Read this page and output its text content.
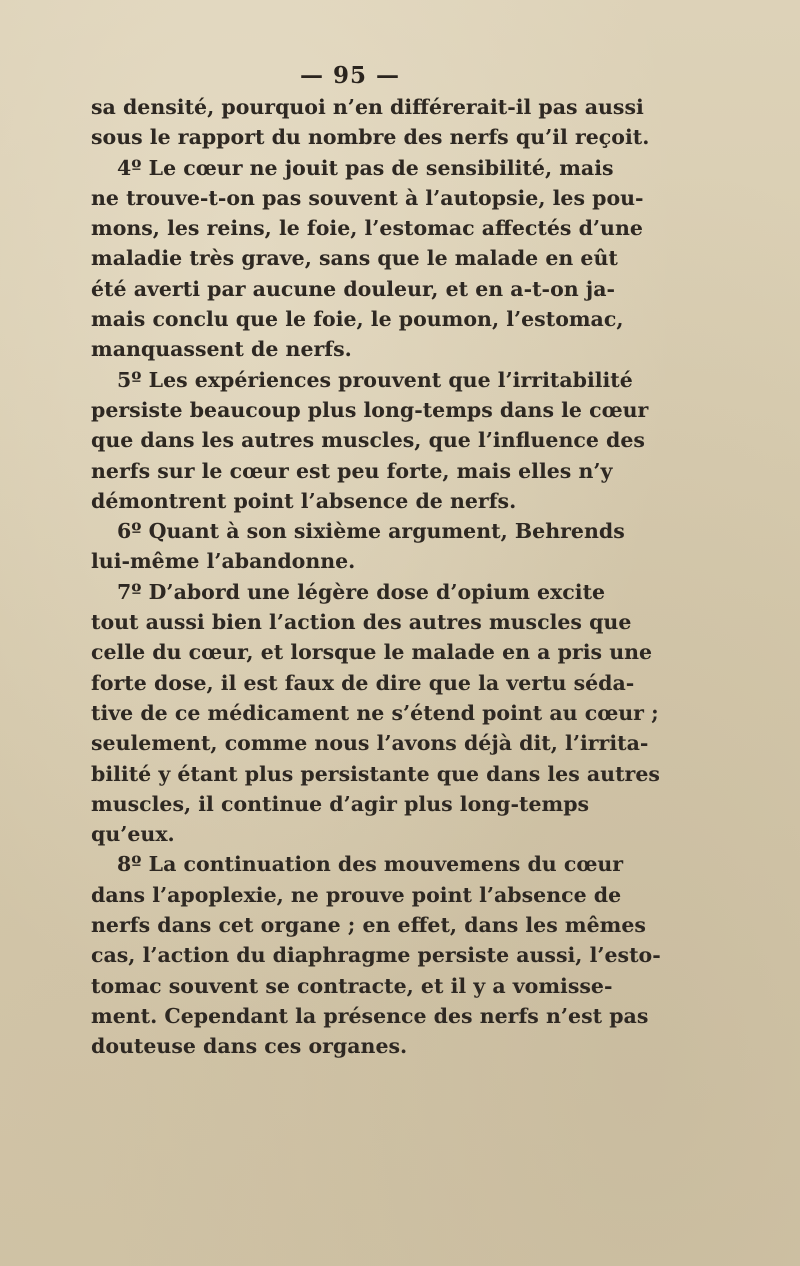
— 95 —
sa densité, pourquoi n’en différerait-il pas aussi
sous le rapport du nombre des nerfs qu’il reçoit.
4º Le cœur ne jouit pas de sensibilité, mais
ne trouve-t-on pas souvent à l’autopsie, les pou-
mons, les reins, le foie, l’estomac affectés d’une
maladie très grave, sans que le malade en eût
été averti par aucune douleur, et en a-t-on ja-
mais conclu que le foie, le poumon, l’estomac,
manquassent de nerfs.
5º Les expériences prouvent que l’irritabilité
persiste beaucoup plus long-temps dans le cœur
que dans les autres muscles, que l’influence des
nerfs sur le cœur est peu forte, mais elles n’y
démontrent point l’absence de nerfs.
6º Quant à son sixième argument, Behrends
lui-même l’abandonne.
7º D’abord une légère dose d’opium excite
tout aussi bien l’action des autres muscles que
celle du cœur, et lorsque le malade en a pris une
forte dose, il est faux de dire que la vertu séda-
tive de ce médicament ne s’étend point au cœur ;
seulement, comme nous l’avons déjà dit, l’irrita-
bilité y étant plus persistante que dans les autres
muscles, il continue d’agir plus long-temps
qu’eux.
8º La continuation des mouvemens du cœur
dans l’apoplexie, ne prouve point l’absence de
nerfs dans cet organe ; en effet, dans les mêmes
cas, l’action du diaphragme persiste aussi, l’esto-
tomac souvent se contracte, et il y a vomisse-
ment. Cependant la présence des nerfs n’est pas
douteuse dans ces organes.
